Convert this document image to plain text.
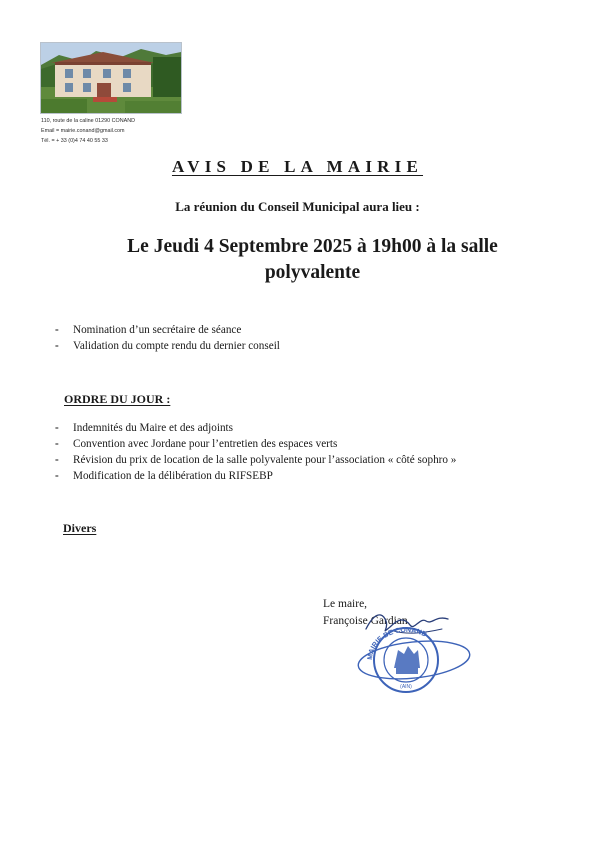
110, route de la caline 01290 CONAND
Email = mairie.conand@gmail.com
Tél. = + 33 (0)4 74 40 55 33
AVIS DE LA MAIRIE
La réunion du Conseil Municipal aura lieu :
Le Jeudi 4 Septembre 2025 à 19h00 à la salle
polyvalente
- Nomination d’un secrétaire de séance
- Validation du compte rendu du dernier conseil
ORDRE DU JOUR :
- Indemnités du Maire et des adjoints
- Convention avec Jordane pour l’entretien des espaces verts
- Révision du prix de location de la salle polyvalente pour l’association « côté sophro »
- Modification de la délibération du RIFSEBP
Divers
Le maire,
Françoise Gardian
MAIRIE DE CONAND
(AIN)
